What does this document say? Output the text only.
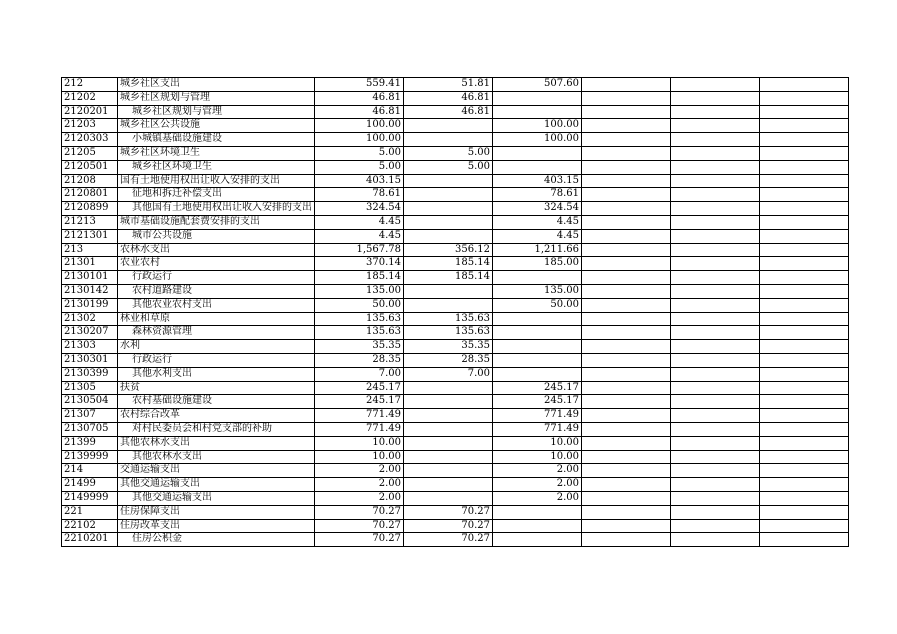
212	城乡社区支出	559.41	51.81	507.60			
21202	城乡社区规划与管理	46.81	46.81				
2120201	城乡社区规划与管理	46.81	46.81				
21203	城乡社区公共设施	100.00		100.00			
2120303	小城镇基础设施建设	100.00		100.00			
21205	城乡社区环境卫生	5.00	5.00				
2120501	城乡社区环境卫生	5.00	5.00				
21208	国有土地使用权出让收入安排的支出	403.15		403.15			
2120801	征地和拆迁补偿支出	78.61		78.61			
2120899	其他国有土地使用权出让收入安排的支出	324.54		324.54			
21213	城市基础设施配套费安排的支出	4.45		4.45			
2121301	城市公共设施	4.45		4.45			
213	农林水支出	1,567.78	356.12	1,211.66			
21301	农业农村	370.14	185.14	185.00			
2130101	行政运行	185.14	185.14				
2130142	农村道路建设	135.00		135.00			
2130199	其他农业农村支出	50.00		50.00			
21302	林业和草原	135.63	135.63				
2130207	森林资源管理	135.63	135.63				
21303	水利	35.35	35.35				
2130301	行政运行	28.35	28.35				
2130399	其他水利支出	7.00	7.00				
21305	扶贫	245.17		245.17			
2130504	农村基础设施建设	245.17		245.17			
21307	农村综合改革	771.49		771.49			
2130705	对村民委员会和村党支部的补助	771.49		771.49			
21399	其他农林水支出	10.00		10.00			
2139999	其他农林水支出	10.00		10.00			
214	交通运输支出	2.00		2.00			
21499	其他交通运输支出	2.00		2.00			
2149999	其他交通运输支出	2.00		2.00			
221	住房保障支出	70.27	70.27				
22102	住房改革支出	70.27	70.27				
2210201	住房公积金	70.27	70.27				
